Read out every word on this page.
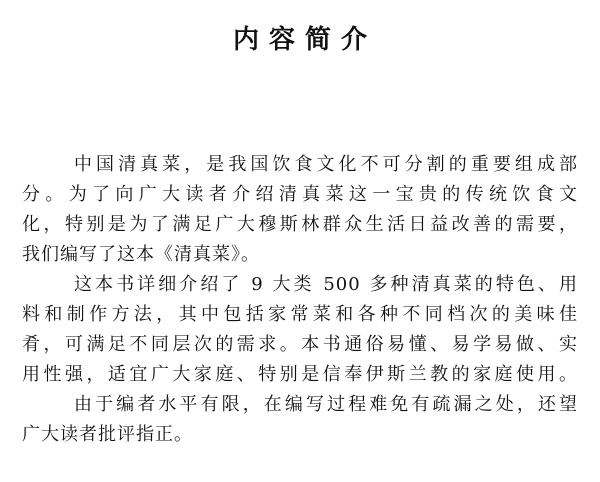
内容简介
中国清真菜，是我国饮食文化不可分割的重要组成部
分。为了向广大读者介绍清真菜这一宝贵的传统饮食文
化，特别是为了满足广大穆斯林群众生活日益改善的需要，
我们编写了这本《清真菜》。
这本书详细介绍了 9 大类 500 多种清真菜的特色、用
料和制作方法，其中包括家常菜和各种不同档次的美味佳
肴，可满足不同层次的需求。本书通俗易懂、易学易做、实
用性强，适宜广大家庭、特别是信奉伊斯兰教的家庭使用。
由于编者水平有限，在编写过程难免有疏漏之处，还望
广大读者批评指正。
